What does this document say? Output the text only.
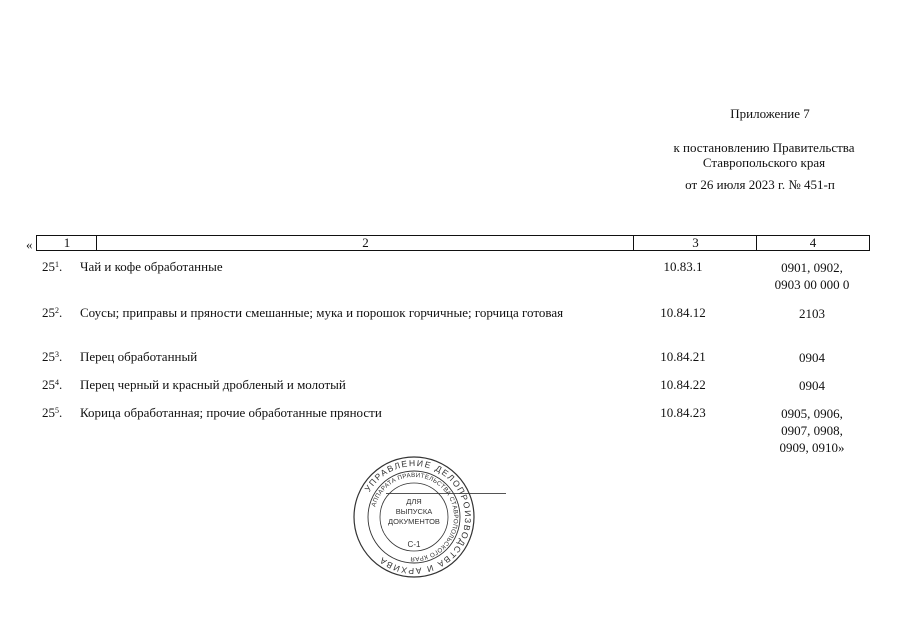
Приложение 7
к постановлению Правительства
Ставропольского края
от 26 июля 2023 г. № 451-п
«	1	2	3	4
$25^1$.	Чай и кофе обработанные	10.83.1	0901, 0902,
0903 00 000 0
$25^2$.	Соусы; приправы и пряности смешанные; мука и порошок горчичные; горчица готовая	10.84.12	2103
$25^3$.	Перец обработанный	10.84.21	0904
$25^4$.	Перец черный и красный дробленый и молотый	10.84.22	0904
$25^5$.	Корица обработанная; прочие обработанные пряности	10.84.23	0905, 0906,
0907, 0908,
0909, 0910»
УПРАВЛЕНИЕ ДЕЛОПРОИЗВОДСТВА И АРХИВА
АППАРАТА ПРАВИТЕЛЬСТВА СТАВРОПОЛЬСКОГО КРАЯ
ДЛЯ
ВЫПУСКА
ДОКУМЕНТОВ
С-1
